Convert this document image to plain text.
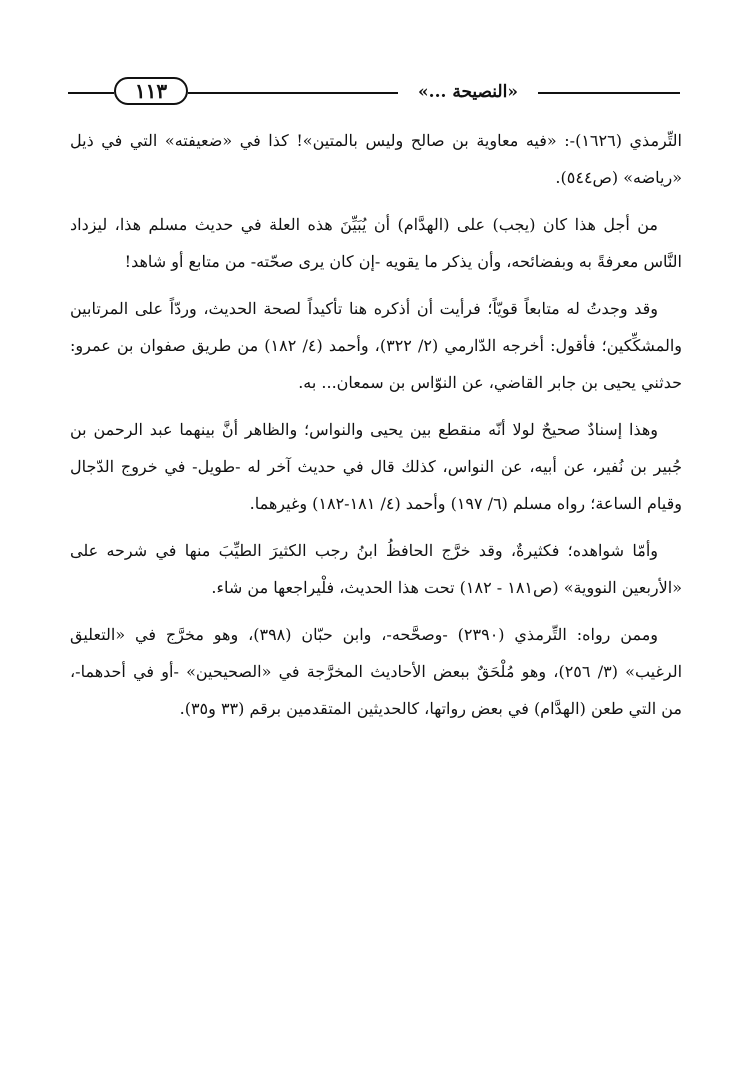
١١٣	«النصيحة ...»

التِّرمذي (١٦٢٦)-: «فيه معاوية بن صالح وليس بالمتين»! كذا في «ضعيفته» التي في ذيل «رياضه» (ص٥٤٤).

من أجل هذا كان (يجب) على (الهدَّام) أن يُبَيِّنَ هذه العلة في حديث مسلم هذا، ليزداد النَّاس معرفةً به وبفضائحه، وأن يذكر ما يقويه -إن كان يرى صحّته- من متابع أو شاهد!

وقد وجدتُ له متابعاً قويّاً؛ فرأيت أن أذكره هنا تأكيداً لصحة الحديث، وردّاً على المرتابين والمشكِّكين؛ فأقول: أخرجه الدّارمي (٢/ ٣٢٢)، وأحمد (٤/ ١٨٢) من طريق صفوان بن عمرو: حدثني يحيى بن جابر القاضي، عن النوّاس بن سمعان... به.

وهذا إسنادٌ صحيحٌ لولا أنّه منقطع بين يحيى والنواس؛ والظاهر أنَّ بينهما عبد الرحمن بن جُبير بن نُفير، عن أبيه، عن النواس، كذلك قال في حديث آخر له -طويل- في خروج الدّجال وقيام الساعة؛ رواه مسلم (٦/ ١٩٧) وأحمد (٤/ ١٨١-١٨٢) وغيرهما.

وأمّا شواهده؛ فكثيرةٌ، وقد خرَّج الحافظُ ابنُ رجب الكثيرَ الطيِّبَ منها في شرحه على «الأربعين النووية» (ص١٨١ - ١٨٢) تحت هذا الحديث، فلْيراجعها من شاء.

وممن رواه: التِّرمذي (٢٣٩٠) -وصحَّحه-، وابن حبّان (٣٩٨)، وهو مخرَّج في «التعليق الرغيب» (٣/ ٢٥٦)، وهو مُلْحَقٌ ببعض الأحاديث المخرَّجة في «الصحيحين» -أو في أحدهما-، من التي طعن (الهدَّام) في بعض رواتها، كالحديثين المتقدمين برقم (٣٣ و٣٥).
